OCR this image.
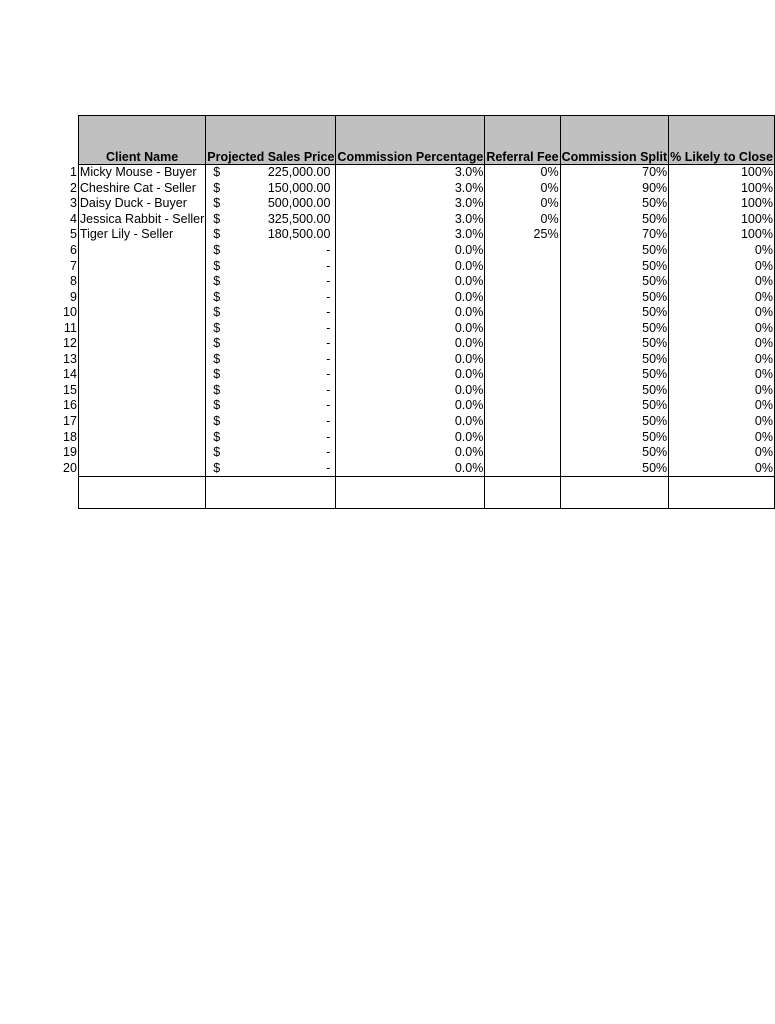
	Client Name	Projected Sales Price	Commission Percentage	Referral Fee	Commission Split	% Likely to Close
1	Micky Mouse - Buyer	$ 225,000.00	3.0%	0%	70%	100%
2	Cheshire Cat - Seller	$ 150,000.00	3.0%	0%	90%	100%
3	Daisy Duck - Buyer	$ 500,000.00	3.0%	0%	50%	100%
4	Jessica Rabbit - Seller	$ 325,500.00	3.0%	0%	50%	100%
5	Tiger Lily - Seller	$ 180,500.00	3.0%	25%	70%	100%
6		$ -	0.0%		50%	0%
7		$ -	0.0%		50%	0%
8		$ -	0.0%		50%	0%
9		$ -	0.0%		50%	0%
10		$ -	0.0%		50%	0%
11		$ -	0.0%		50%	0%
12		$ -	0.0%		50%	0%
13		$ -	0.0%		50%	0%
14		$ -	0.0%		50%	0%
15		$ -	0.0%		50%	0%
16		$ -	0.0%		50%	0%
17		$ -	0.0%		50%	0%
18		$ -	0.0%		50%	0%
19		$ -	0.0%		50%	0%
20		$ -	0.0%		50%	0%
